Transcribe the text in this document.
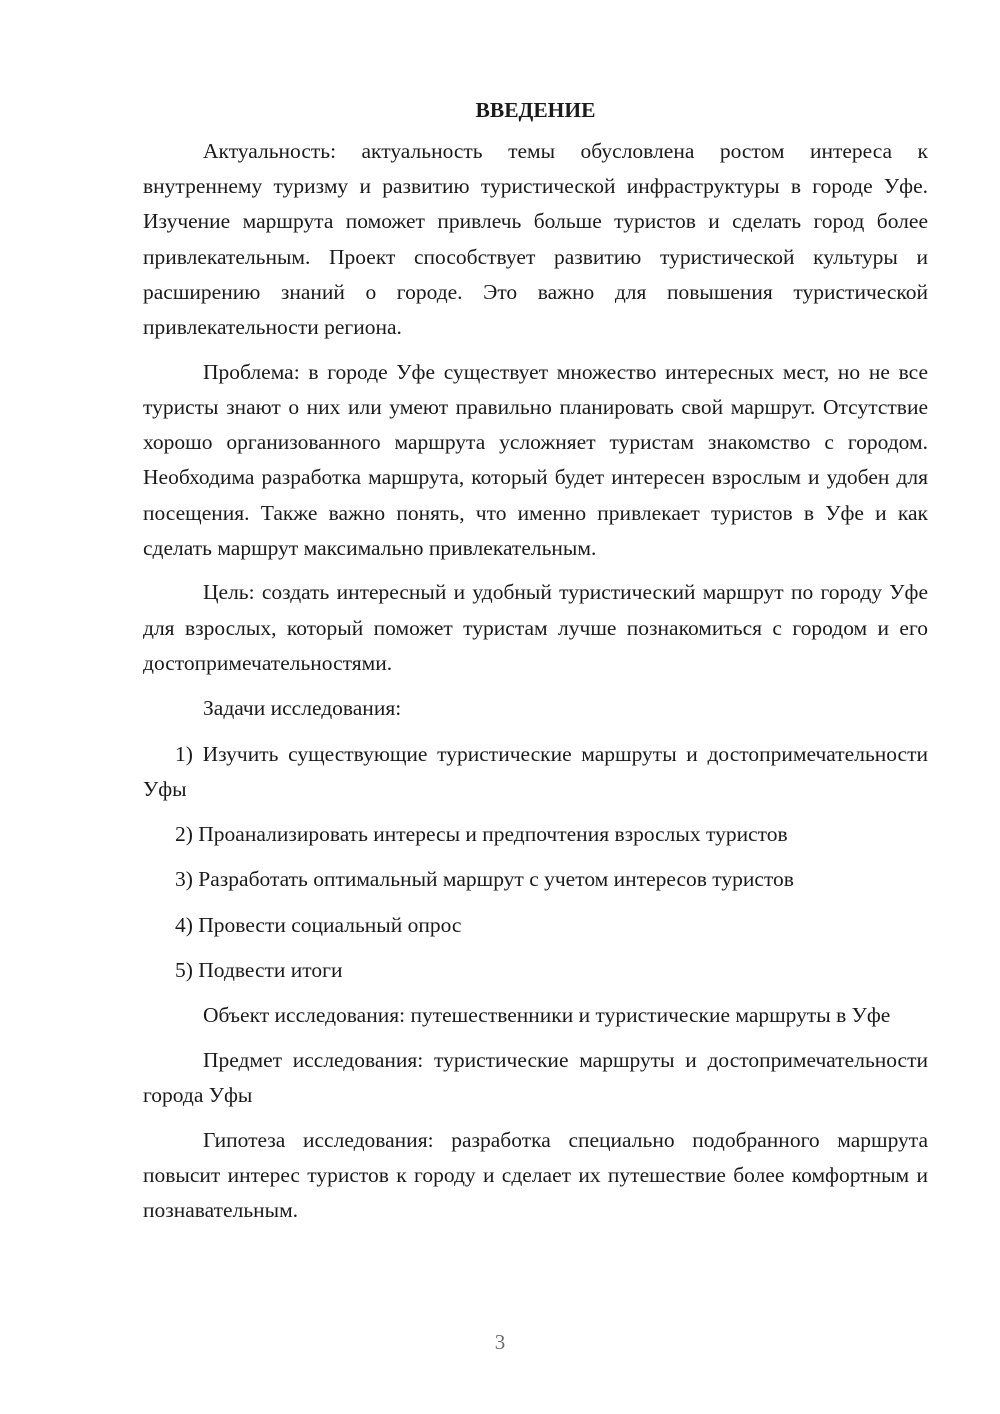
ВВЕДЕНИЕ

Актуальность: актуальность темы обусловлена ростом интереса к внутреннему туризму и развитию туристической инфраструктуры в городе Уфе. Изучение маршрута поможет привлечь больше туристов и сделать город более привлекательным. Проект способствует развитию туристической культуры и расширению знаний о городе. Это важно для повышения туристической привлекательности региона.

Проблема: в городе Уфе существует множество интересных мест, но не все туристы знают о них или умеют правильно планировать свой маршрут. Отсутствие хорошо организованного маршрута усложняет туристам знакомство с городом. Необходима разработка маршрута, который будет интересен взрослым и удобен для посещения. Также важно понять, что именно привлекает туристов в Уфе и как сделать маршрут максимально привлекательным.

Цель: создать интересный и удобный туристический маршрут по городу Уфе для взрослых, который поможет туристам лучше познакомиться с городом и его достопримечательностями.

Задачи исследования:

1) Изучить существующие туристические маршруты и достопримечательности Уфы

2) Проанализировать интересы и предпочтения взрослых туристов

3) Разработать оптимальный маршрут с учетом интересов туристов

4) Провести социальный опрос

5) Подвести итоги

Объект исследования: путешественники и туристические маршруты в Уфе

Предмет исследования: туристические маршруты и достопримечательности города Уфы

Гипотеза исследования: разработка специально подобранного маршрута повысит интерес туристов к городу и сделает их путешествие более комфортным и познавательным.

3
